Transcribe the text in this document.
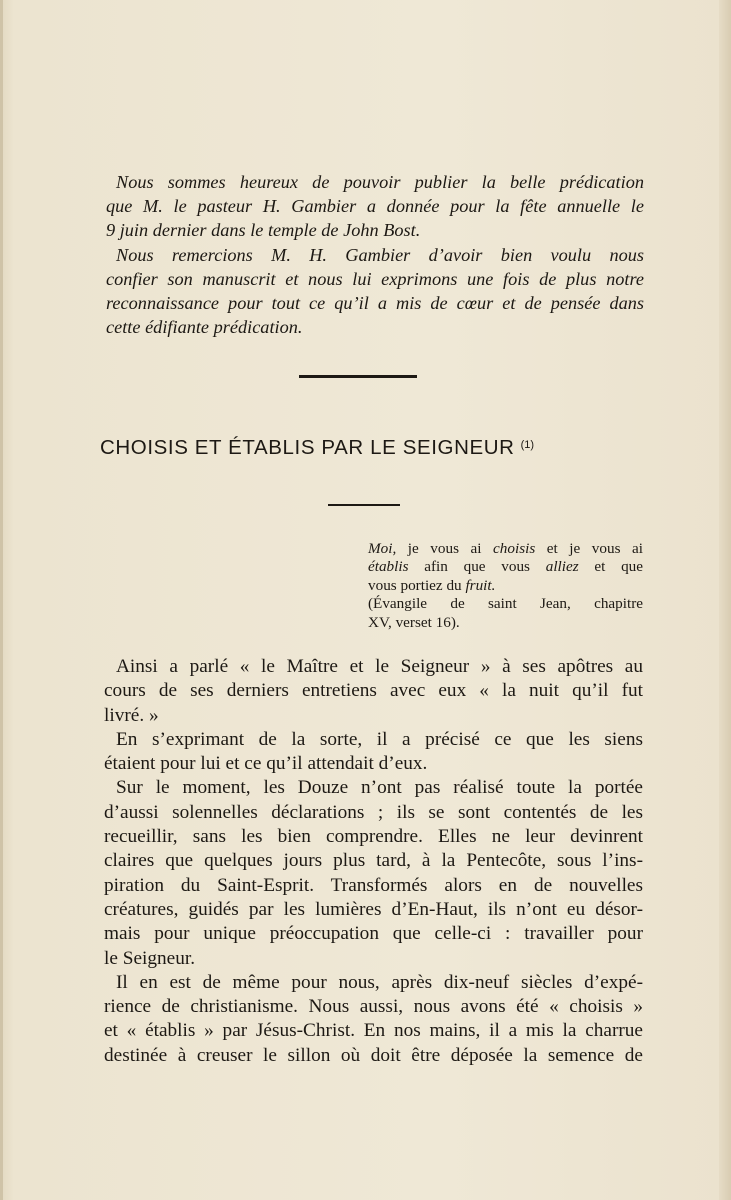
Nous sommes heureux de pouvoir publier la belle prédication
que M. le pasteur H. Gambier a donnée pour la fête annuelle le
9 juin dernier dans le temple de John Bost.

Nous remercions M. H. Gambier d’avoir bien voulu nous
confier son manuscrit et nous lui exprimons une fois de plus notre
reconnaissance pour tout ce qu’il a mis de cœur et de pensée dans
cette édifiante prédication.

CHOISIS ET ÉTABLIS PAR LE SEIGNEUR $^{(1)}$
Moi, je vous ai choisis et je vous ai
établis afin que vous alliez et que
vous portiez du fruit.
(Évangile de saint Jean, chapitre
XV, verset 16).

Ainsi a parlé « le Maître et le Seigneur » à ses apôtres au
cours de ses derniers entretiens avec eux « la nuit qu’il fut
livré. »

En s’exprimant de la sorte, il a précisé ce que les siens
étaient pour lui et ce qu’il attendait d’eux.

Sur le moment, les Douze n’ont pas réalisé toute la portée
d’aussi solennelles déclarations ; ils se sont contentés de les
recueillir, sans les bien comprendre. Elles ne leur devinrent
claires que quelques jours plus tard, à la Pentecôte, sous l’ins-
piration du Saint-Esprit. Transformés alors en de nouvelles
créatures, guidés par les lumières d’En-Haut, ils n’ont eu désor-
mais pour unique préoccupation que celle-ci : travailler pour
le Seigneur.

Il en est de même pour nous, après dix-neuf siècles d’expé-
rience de christianisme. Nous aussi, nous avons été « choisis »
et « établis » par Jésus-Christ. En nos mains, il a mis la charrue
destinée à creuser le sillon où doit être déposée la semence de
